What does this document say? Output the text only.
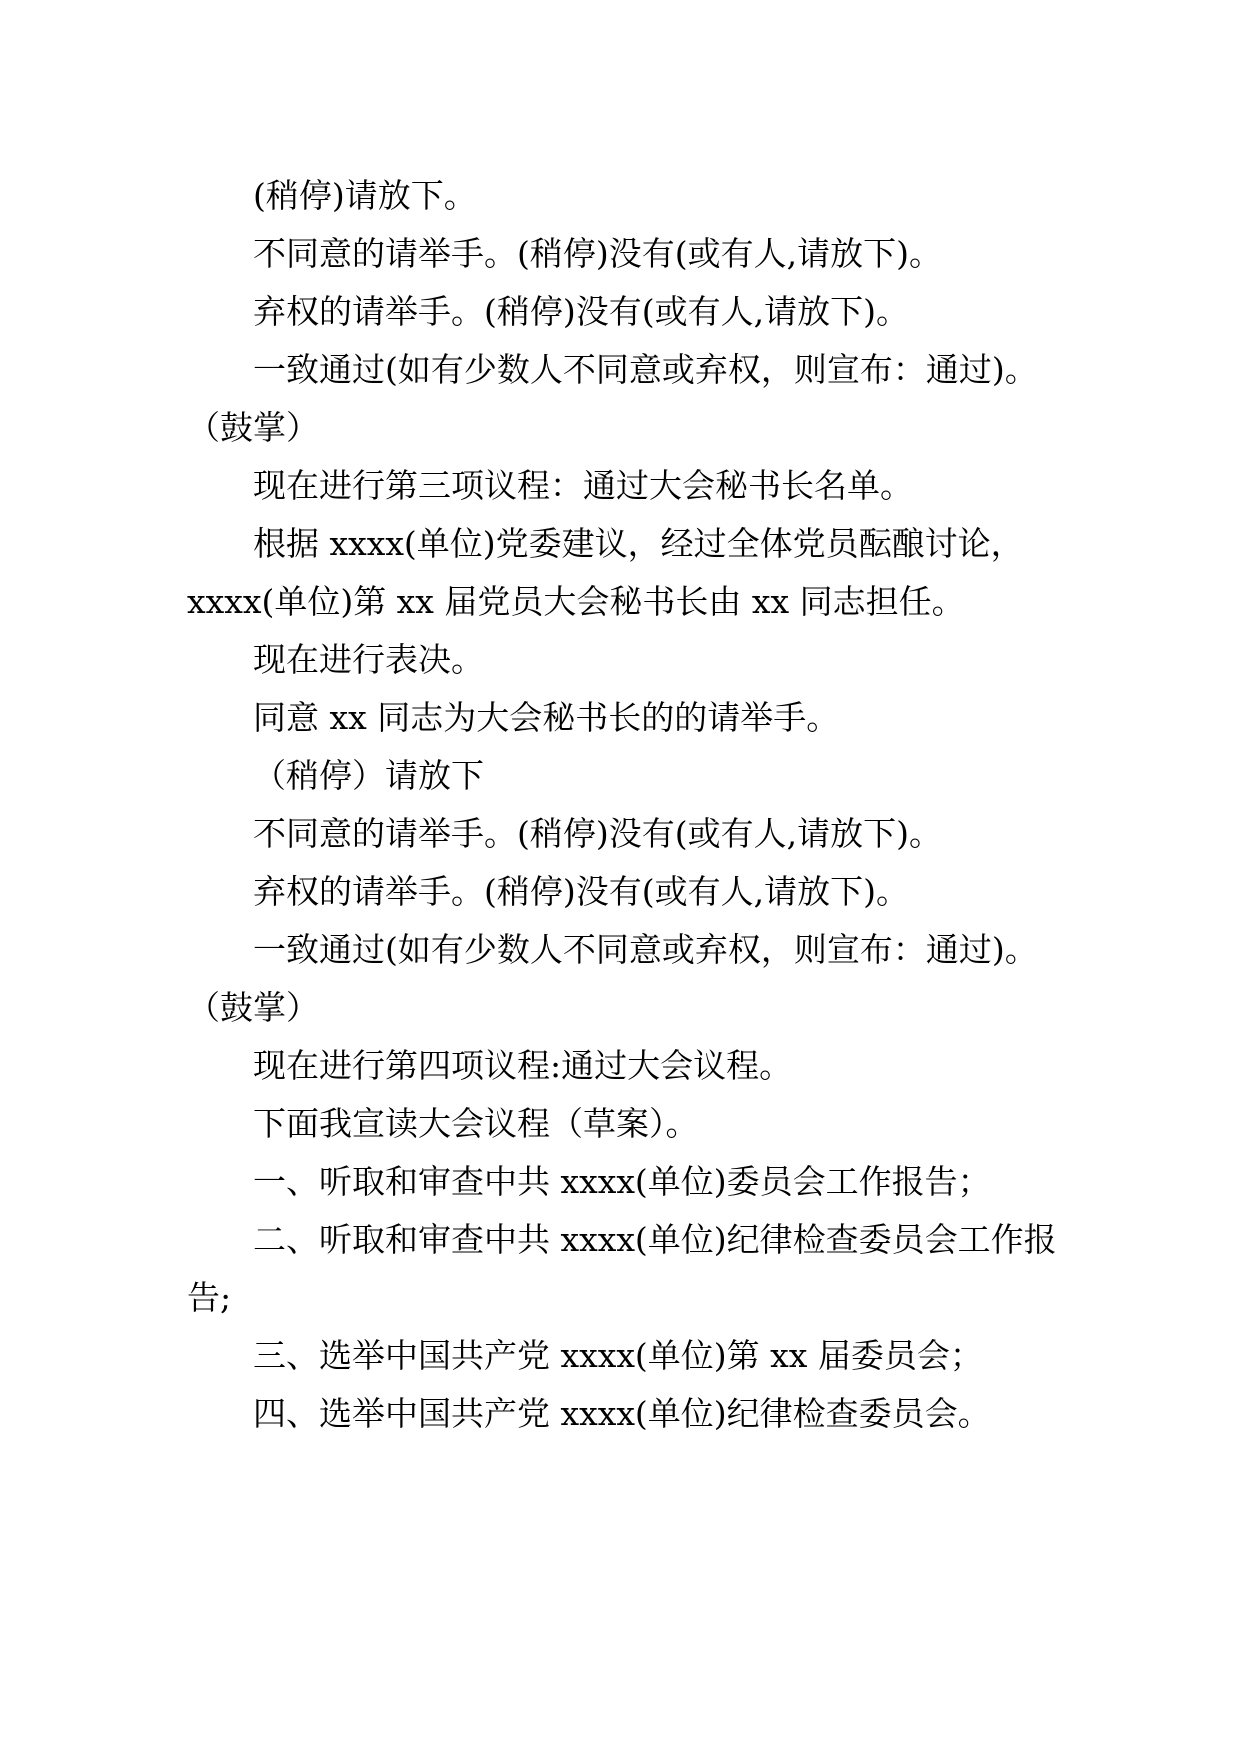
(稍停)请放下。

不同意的请举手。(稍停)没有(或有人,请放下)。

弃权的请举手。(稍停)没有(或有人,请放下)。

一致通过(如有少数人不同意或弃权，则宣布：通过)。

（鼓掌）

现在进行第三项议程：通过大会秘书长名单。

根据 xxxx(单位)党委建议，经过全体党员酝酿讨论，

xxxx(单位)第 xx 届党员大会秘书长由 xx 同志担任。

现在进行表决。

同意 xx 同志为大会秘书长的的请举手。

（稍停）请放下

不同意的请举手。(稍停)没有(或有人,请放下)。

弃权的请举手。(稍停)没有(或有人,请放下)。

一致通过(如有少数人不同意或弃权，则宣布：通过)。

（鼓掌）

现在进行第四项议程:通过大会议程。

下面我宣读大会议程（草案）。

一、听取和审查中共 xxxx(单位)委员会工作报告；

二、听取和审查中共 xxxx(单位)纪律检查委员会工作报

告;

三、选举中国共产党 xxxx(单位)第 xx 届委员会；

四、选举中国共产党 xxxx(单位)纪律检查委员会。
